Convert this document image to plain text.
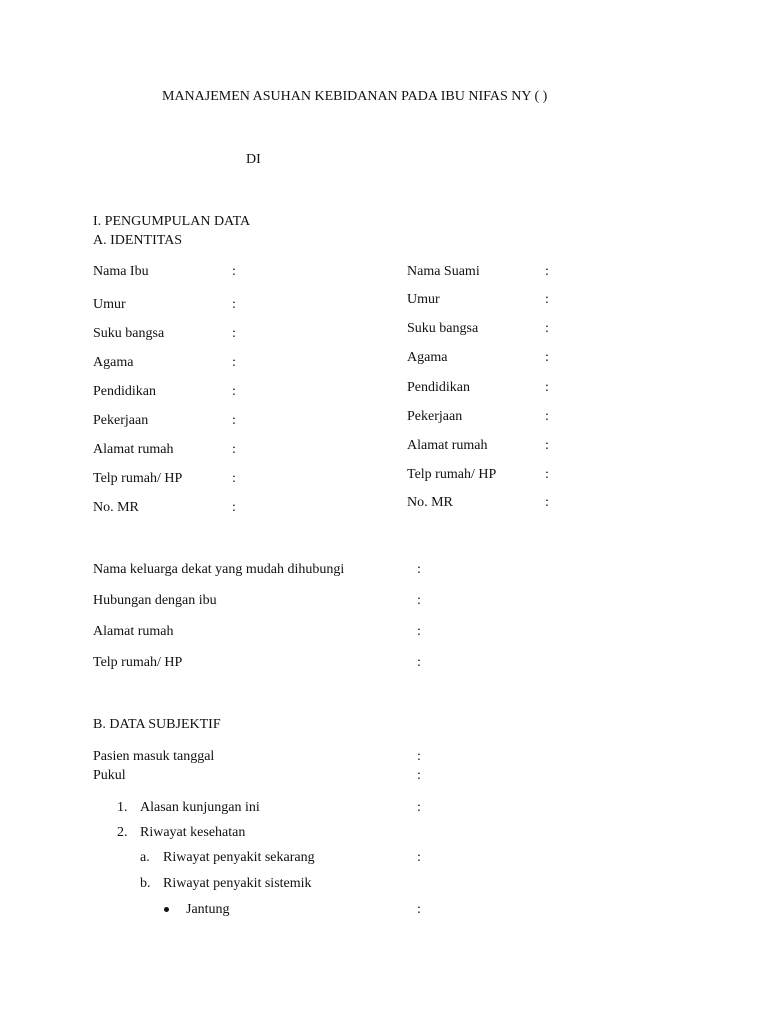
MANAJEMEN ASUHAN KEBIDANAN PADA IBU NIFAS NY ( )
DI
I. PENGUMPULAN DATA
A. IDENTITAS
Nama Ibu	:
Umur	:
Suku bangsa	:
Agama	:
Pendidikan	:
Pekerjaan	:
Alamat rumah	:
Telp rumah/ HP	:
No. MR	:
Nama Suami	:
Umur	:
Suku bangsa	:
Agama	:
Pendidikan	:
Pekerjaan	:
Alamat rumah	:
Telp rumah/ HP	:
No. MR	:
Nama keluarga dekat yang mudah dihubungi	:
Hubungan dengan ibu	:
Alamat rumah	:
Telp rumah/ HP	:
B. DATA SUBJEKTIF
Pasien masuk tanggal	:
Pukul	:
1. Alasan kunjungan ini	:
2. Riwayat kesehatan
a. Riwayat penyakit sekarang	:
b. Riwayat penyakit sistemik
Jantung	:
